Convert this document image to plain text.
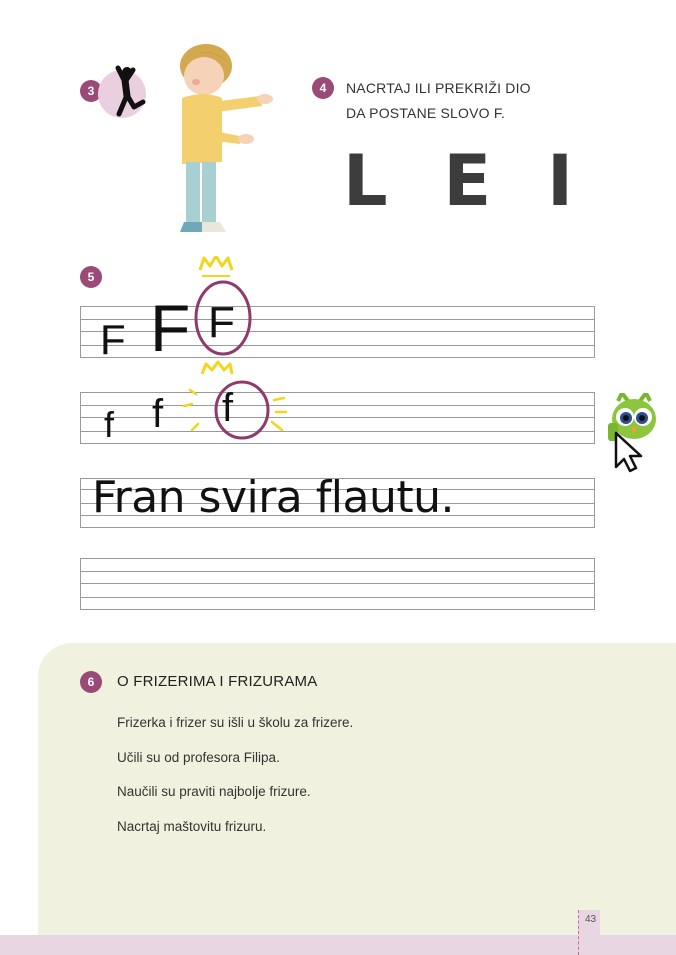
3	4	NACRTAJ ILI PREKRIŽI DIO
DA POSTANE SLOVO F.
L E I
5
F F F
f f f
Fran svira flautu.
6	O FRIZERIMA I FRIZURAMA
Frizerka i frizer su išli u školu za frizere.
Učili su od profesora Filipa.
Naučili su praviti najbolje frizure.
Nacrtaj maštovitu frizuru.
43
